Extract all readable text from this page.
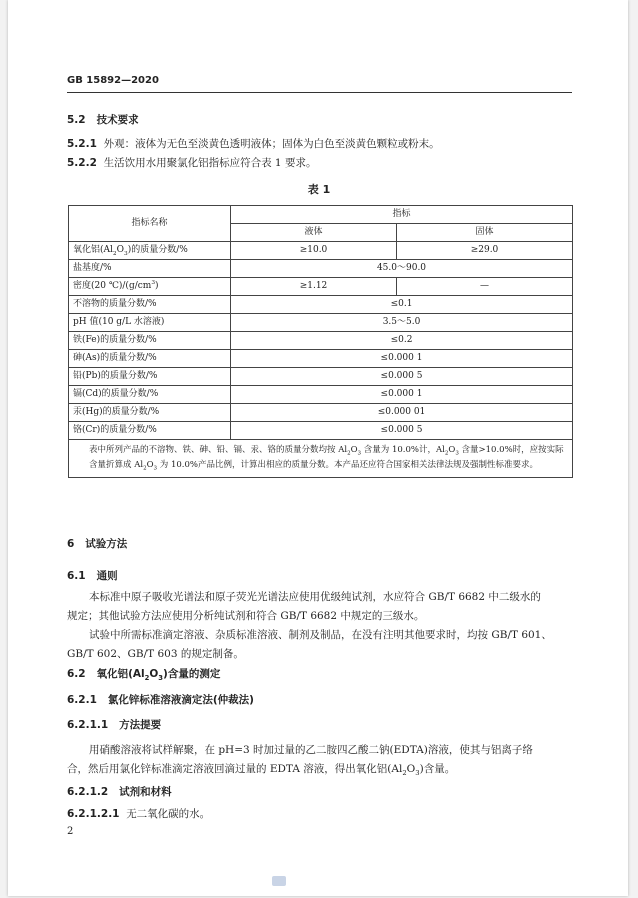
GB 15892—2020
5.2 技术要求
5.2.1 外观：液体为无色至淡黄色透明液体；固体为白色至淡黄色颗粒或粉末。
5.2.2 生活饮用水用聚氯化铝指标应符合表 1 要求。
表 1
指标名称	指标	
	液体	固体
氧化铝$(Al_2O_3)$的质量分数/%	≥10.0	≥29.0
盐基度/%	45.0～90.0	
密度(20 $℃)/(g/cm^3)$	≥1.12	—
不溶物的质量分数/%	≤0.1	
pH 值(10 g/L 水溶液)	3.5～5.0	
铁(Fe)的质量分数/%	≤0.2	
砷(As)的质量分数/%	≤0.000 1	
铅(Pb)的质量分数/%	≤0.000 5	
镉(Cd)的质量分数/%	≤0.000 1	
汞(Hg)的质量分数/%	≤0.000 01	
铬(Cr)的质量分数/%	≤0.000 5	
表中所列产品的不溶物、铁、砷、铅、镉、汞、铬的质量分数均按 $Al_2O_3$ 含量为 10.0%计，$Al_2O_3$ 含量>10.0%时，应按实际含量折算成 $Al_2O_3$ 为 10.0%产品比例，计算出相应的质量分数。本产品还应符合国家相关法律法规及强制性标准要求。		
6 试验方法
6.1 通则
本标准中原子吸收光谱法和原子荧光光谱法应使用优级纯试剂，水应符合 GB/T 6682 中二级水的
规定；其他试验方法应使用分析纯试剂和符合 GB/T 6682 中规定的三级水。
试验中所需标准滴定溶液、杂质标准溶液、制剂及制品，在没有注明其他要求时，均按 GB/T 601、
GB/T 602、GB/T 603 的规定制备。
6.2 氧化铝$(Al_2O_3)$含量的测定
6.2.1 氯化锌标准溶液滴定法(仲裁法)
6.2.1.1 方法提要
用硝酸溶液将试样解聚，在 pH=3 时加过量的乙二胺四乙酸二钠(EDTA)溶液，使其与铝离子络
合，然后用氯化锌标准滴定溶液回滴过量的 EDTA 溶液，得出氧化铝$(Al_2O_3)$含量。
6.2.1.2 试剂和材料
6.2.1.2.1 无二氧化碳的水。
2
